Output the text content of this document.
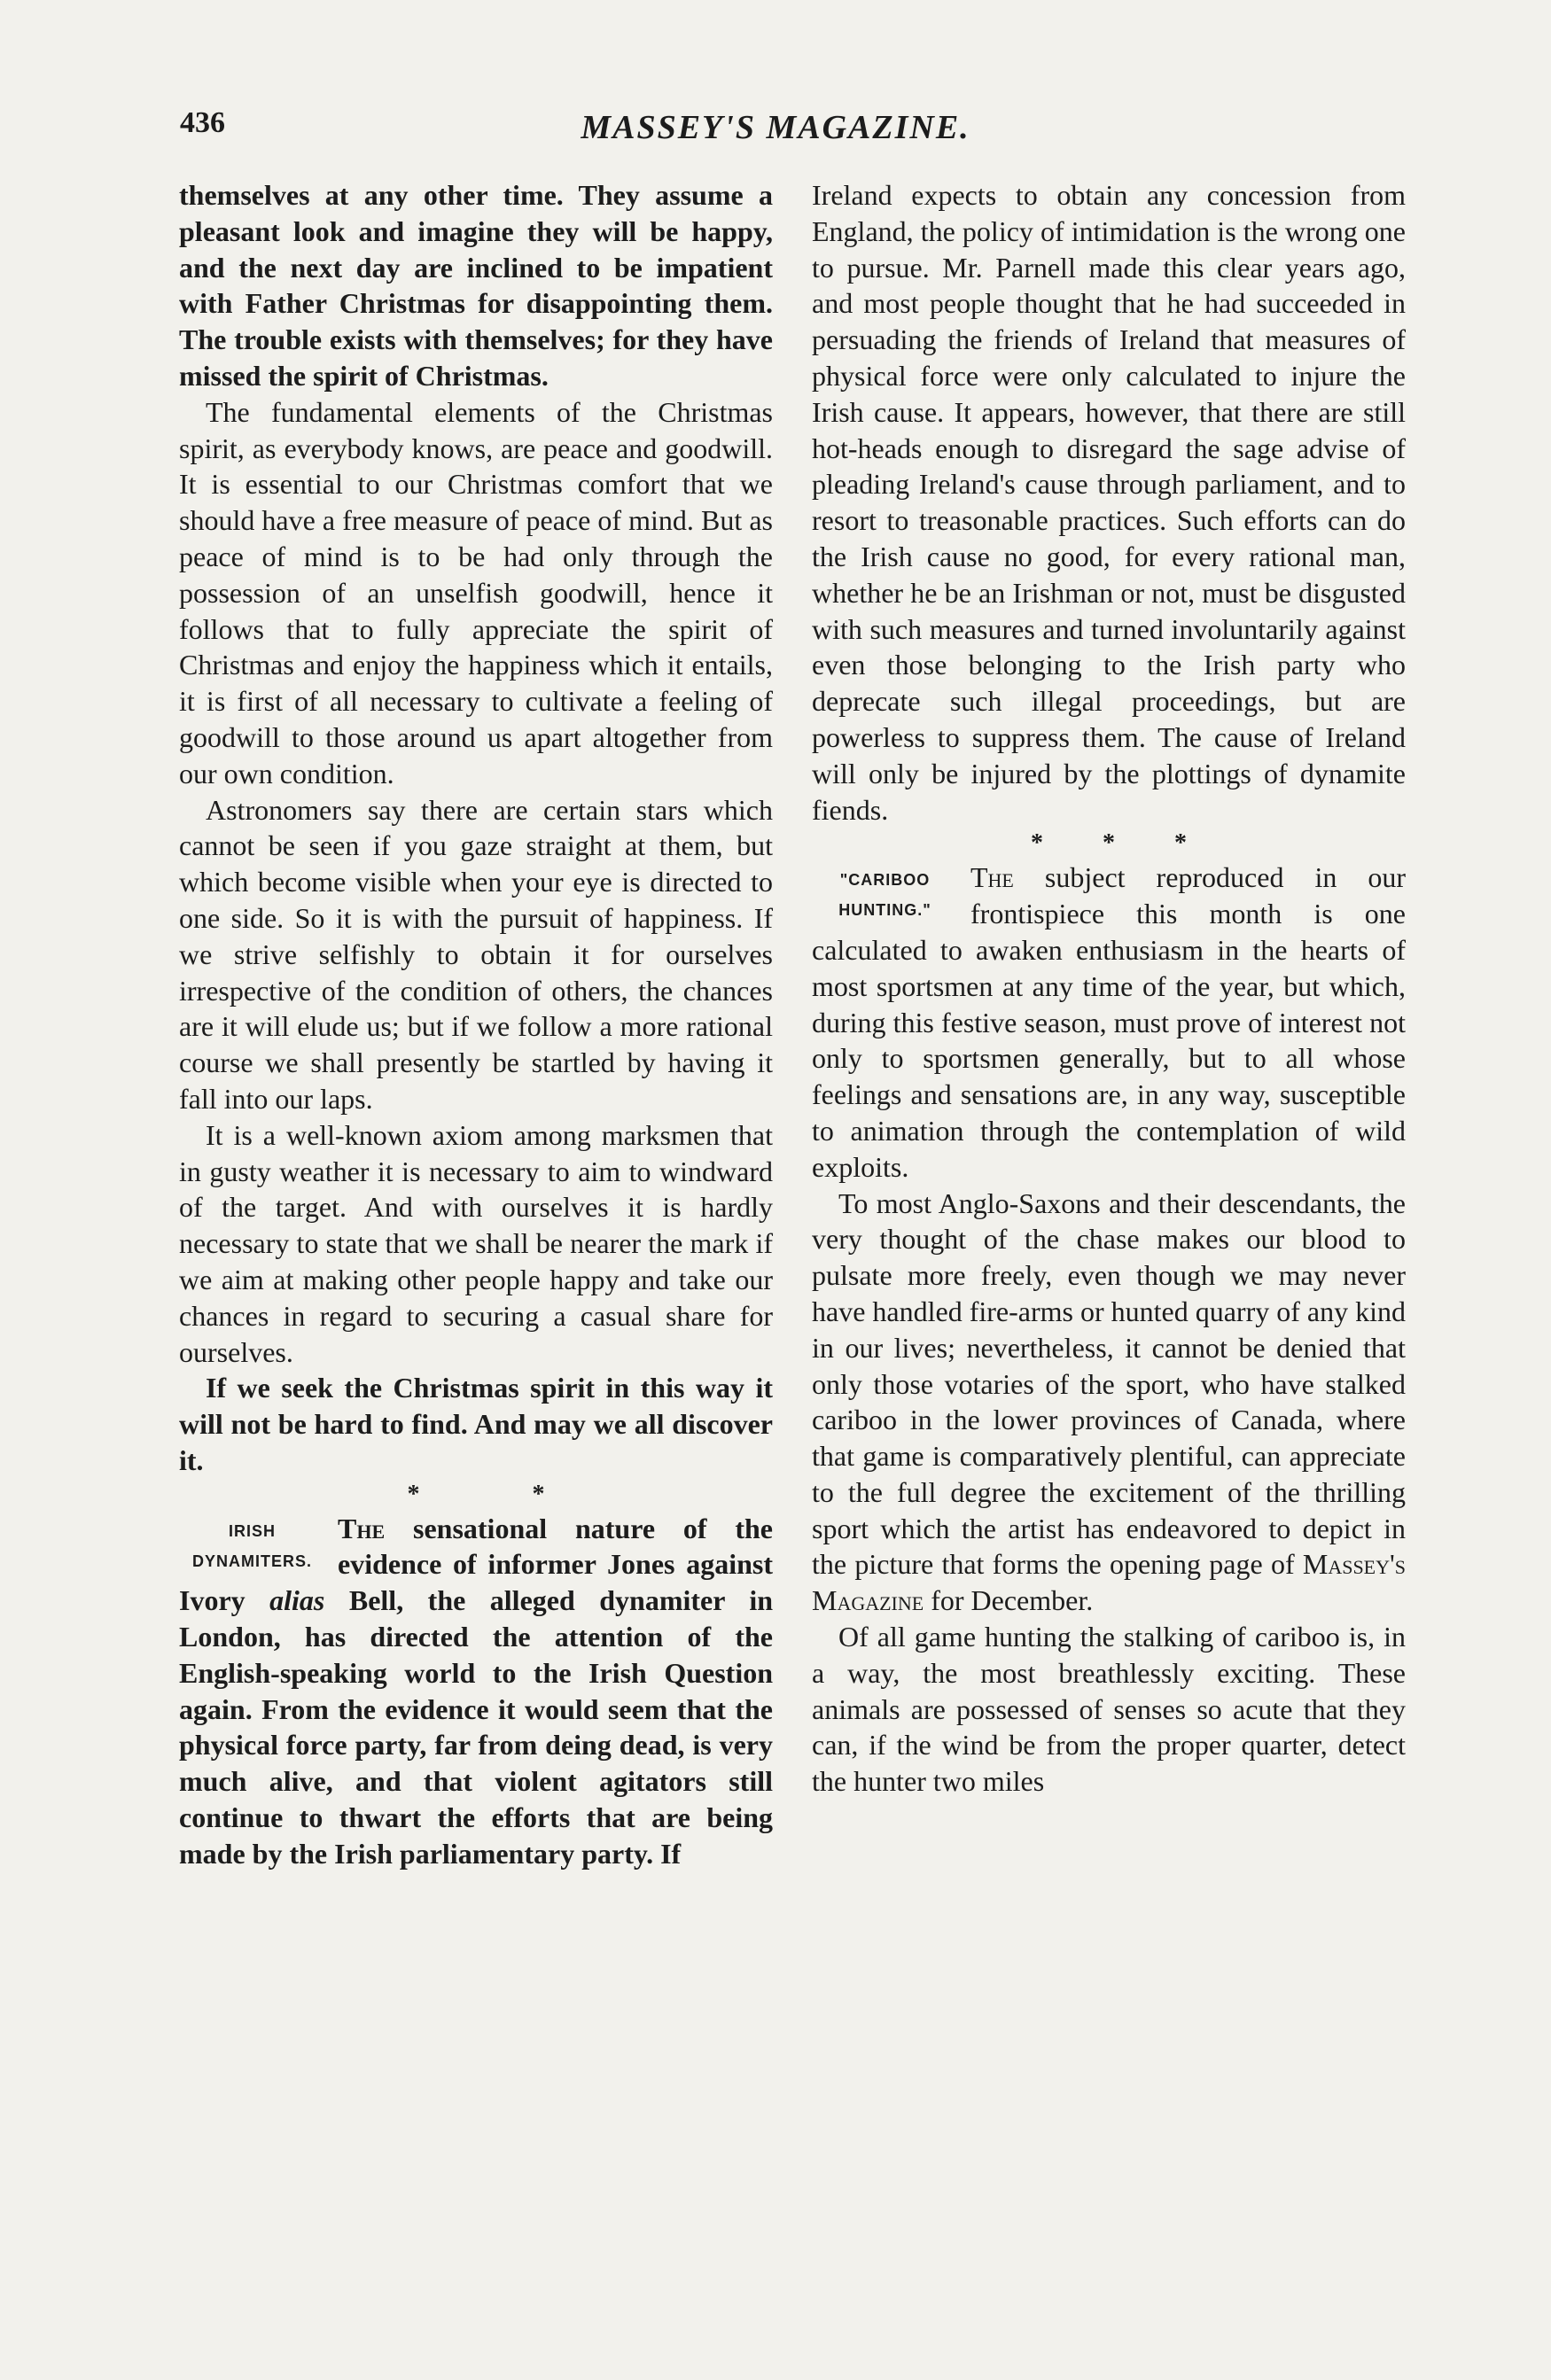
436	MASSEY'S MAGAZINE.

themselves at any other time. They assume a pleasant look and imagine they will be happy, and the next day are inclined to be impatient with Father Christmas for disappointing them. The trouble exists with themselves; for they have missed the spirit of Christmas.

The fundamental elements of the Christmas spirit, as everybody knows, are peace and goodwill. It is essential to our Christmas comfort that we should have a free measure of peace of mind. But as peace of mind is to be had only through the possession of an unselfish goodwill, hence it follows that to fully appreciate the spirit of Christmas and enjoy the happiness which it entails, it is first of all necessary to cultivate a feeling of goodwill to those around us apart altogether from our own condition.

Astronomers say there are certain stars which cannot be seen if you gaze straight at them, but which become visible when your eye is directed to one side. So it is with the pursuit of happiness. If we strive selfishly to obtain it for ourselves irrespective of the condition of others, the chances are it will elude us; but if we follow a more rational course we shall presently be startled by having it fall into our laps.

It is a well-known axiom among marksmen that in gusty weather it is necessary to aim to windward of the target. And with ourselves it is hardly necessary to state that we shall be nearer the mark if we aim at making other people happy and take our chances in regard to securing a casual share for ourselves.

If we seek the Christmas spirit in this way it will not be hard to find. And may we all discover it.

*	*
IRISH
DYNAMITERS.

The sensational nature of the evidence of informer Jones against Ivory alias Bell, the alleged dynamiter in London, has directed the attention of the English-speaking world to the Irish Question again. From the evidence it would seem that the physical force party, far from deing dead, is very much alive, and that violent agitators still continue to thwart the efforts that are being made by the Irish parliamentary party. If

Ireland expects to obtain any concession from England, the policy of intimidation is the wrong one to pursue. Mr. Parnell made this clear years ago, and most people thought that he had succeeded in persuading the friends of Ireland that measures of physical force were only calculated to injure the Irish cause. It appears, however, that there are still hot-heads enough to disregard the sage advise of pleading Ireland's cause through parliament, and to resort to treasonable practices. Such efforts can do the Irish cause no good, for every rational man, whether he be an Irishman or not, must be disgusted with such measures and turned involuntarily against even those belonging to the Irish party who deprecate such illegal proceedings, but are powerless to suppress them. The cause of Ireland will only be injured by the plottings of dynamite fiends.

* * *
"CARIBOO
HUNTING."

The subject reproduced in our frontispiece this month is one calculated to awaken enthusiasm in the hearts of most sportsmen at any time of the year, but which, during this festive season, must prove of interest not only to sportsmen generally, but to all whose feelings and sensations are, in any way, susceptible to animation through the contemplation of wild exploits.

To most Anglo-Saxons and their descendants, the very thought of the chase makes our blood to pulsate more freely, even though we may never have handled fire-arms or hunted quarry of any kind in our lives; nevertheless, it cannot be denied that only those votaries of the sport, who have stalked cariboo in the lower provinces of Canada, where that game is comparatively plentiful, can appreciate to the full degree the excitement of the thrilling sport which the artist has endeavored to depict in the picture that forms the opening page of Massey's Magazine for December.

Of all game hunting the stalking of cariboo is, in a way, the most breathlessly exciting. These animals are possessed of senses so acute that they can, if the wind be from the proper quarter, detect the hunter two miles
